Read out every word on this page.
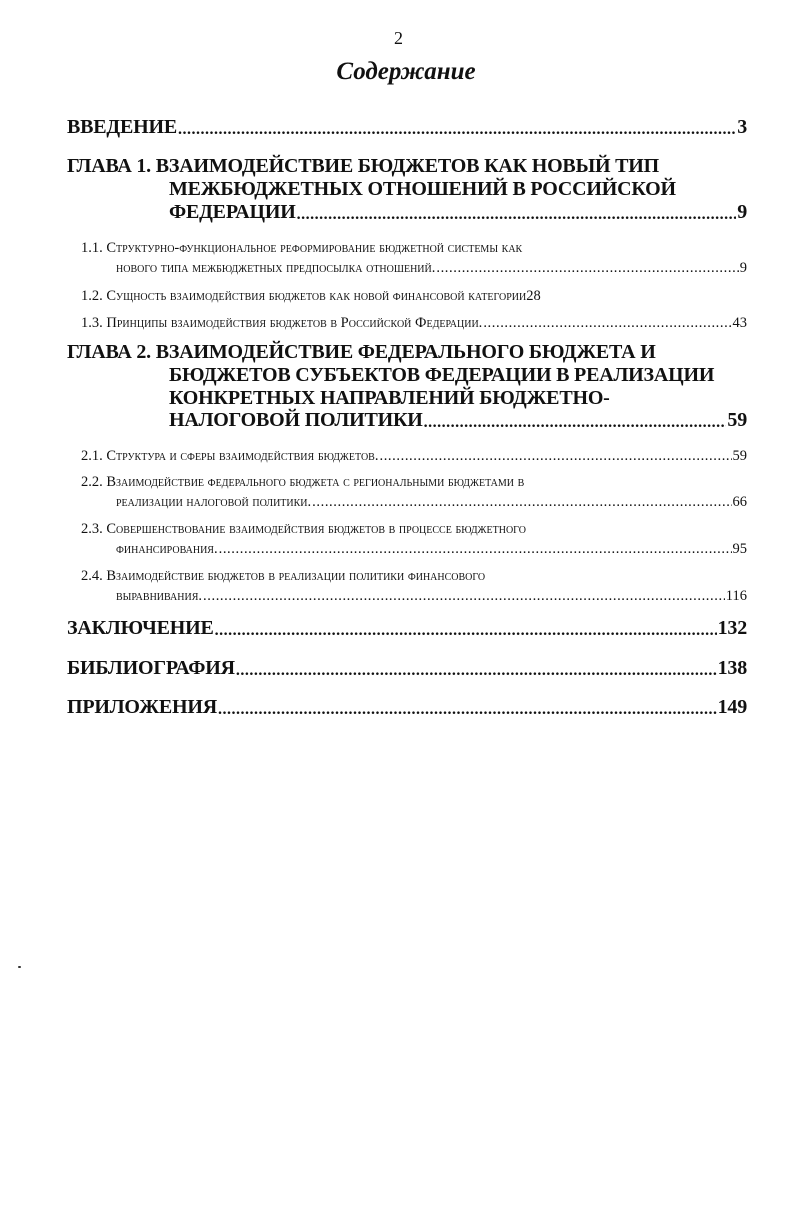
2
Содержание
ВВЕДЕНИЕ .....	3
ГЛАВА 1. ВЗАИМОДЕЙСТВИЕ БЮДЖЕТОВ КАК НОВЫЙ ТИП
МЕЖБЮДЖЕТНЫХ ОТНОШЕНИЙ В РОССИЙСКОЙ
ФЕДЕРАЦИИ .....	9
1.1. Структурно-функциональное реформирование бюджетной системы как
нового типа межбюджетных предпосылка отношений. .....	9
1.2. Сущность взаимодействия бюджетов как новой финансовой категории 28
1.3. Принципы взаимодействия бюджетов в Российской Федерации. .....	43
ГЛАВА 2. ВЗАИМОДЕЙСТВИЕ ФЕДЕРАЛЬНОГО БЮДЖЕТА И
БЮДЖЕТОВ СУБЪЕКТОВ ФЕДЕРАЦИИ В РЕАЛИЗАЦИИ
КОНКРЕТНЫХ НАПРАВЛЕНИЙ БЮДЖЕТНО-
НАЛОГОВОЙ ПОЛИТИКИ .....	59
2.1. Структура и сферы взаимодействия бюджетов. .....	59
2.2. Взаимодействие федерального бюджета с региональными бюджетами в
реализации налоговой политики. .....	66
2.3. Совершенствование взаимодействия бюджетов в процессе бюджетного
финансирования. .....	95
2.4. Взаимодействие бюджетов в реализации политики финансового
выравнивания. .....	116
ЗАКЛЮЧЕНИЕ .....	132
БИБЛИОГРАФИЯ .....	138
ПРИЛОЖЕНИЯ .....	149
